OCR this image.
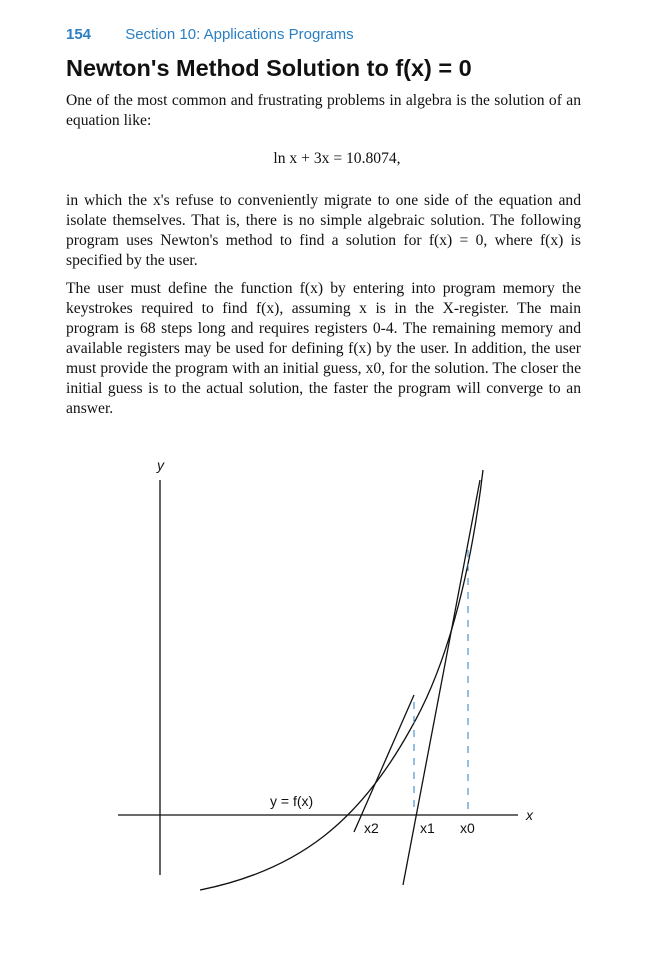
154 Section 10: Applications Programs
Newton's Method Solution to f(x) = 0

One of the most common and frustrating problems in algebra is the solution of an equation like:

ln x + 3x = 10.8074,

in which the x's refuse to conveniently migrate to one side of the equation and isolate themselves. That is, there is no simple algebraic solution. The following program uses Newton's method to find a solution for f(x) = 0, where f(x) is specified by the user.

The user must define the function f(x) by entering into program memory the keystrokes required to find f(x), assuming x is in the X-register. The main program is 68 steps long and requires registers 0-4. The remaining memory and available registers may be used for defining f(x) by the user. In addition, the user must provide the program with an initial guess, x0, for the solution. The closer the initial guess is to the actual solution, the faster the program will converge to an answer.

y
x
y = f(x)
x2	x1 x0
